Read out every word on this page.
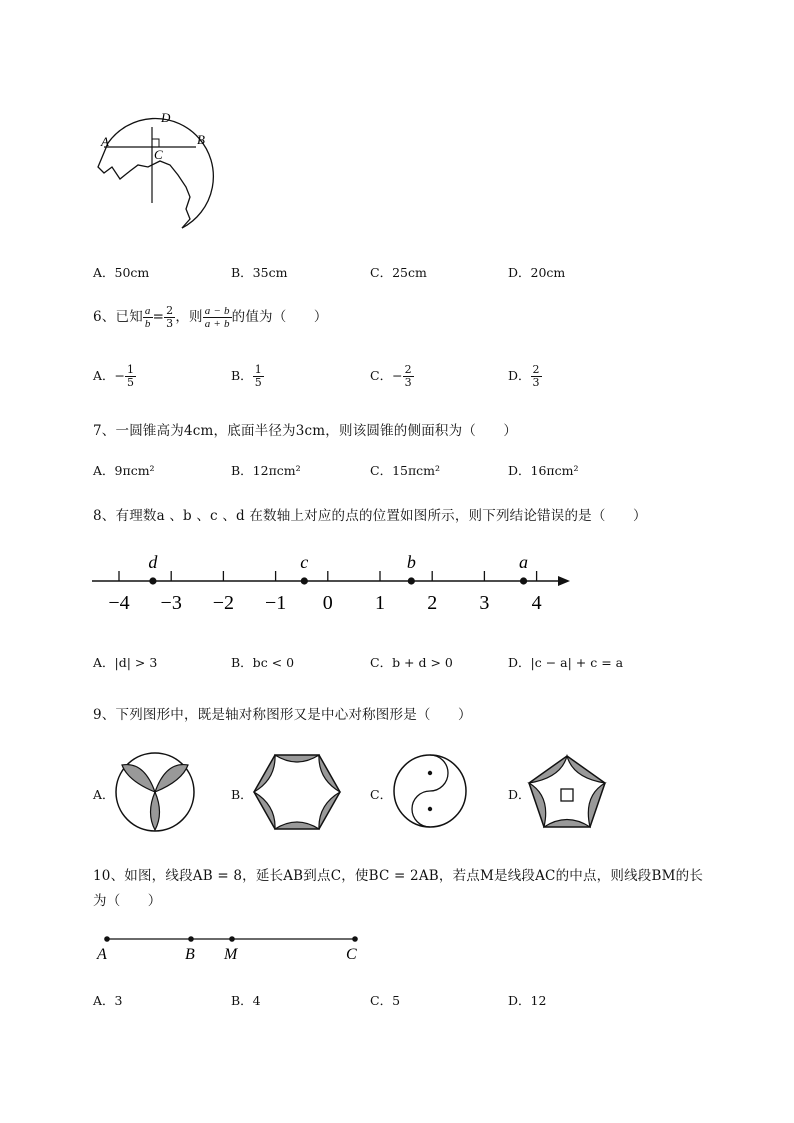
D
A	B
C
A．50cm	B．35cm	C．25cm	D．20cm
6、已知 $\frac{a}{b} = \frac{2}{3}$ ，则 $\frac{a - b}{a + b}$ 的值为（　　）
A．− $\frac{1}{5}$	B． $\frac{1}{5}$	C．− $\frac{2}{3}$	D． $\frac{2}{3}$
7、一圆锥高为4cm，底面半径为3cm，则该圆锥的侧面积为（　　）
A．9πcm²	B．12πcm²	C．15πcm²	D．16πcm²
8、有理数a 、b 、c 、d 在数轴上对应的点的位置如图所示，则下列结论错误的是（　　）
−4 −3 −2 −1 0 1 2 3 4
d	c	b	a
A．|d| > 3	B．bc < 0	C．b + d > 0	D．|c − a| + c = a
9、下列图形中，既是轴对称图形又是中心对称图形是（　　）
A．	B．	C．	D．
10、如图，线段AB = 8，延长AB到点C，使BC = 2AB，若点M是线段AC的中点，则线段BM的长
为（　　）
A	B M	C
A．3	B．4	C．5	D．12
